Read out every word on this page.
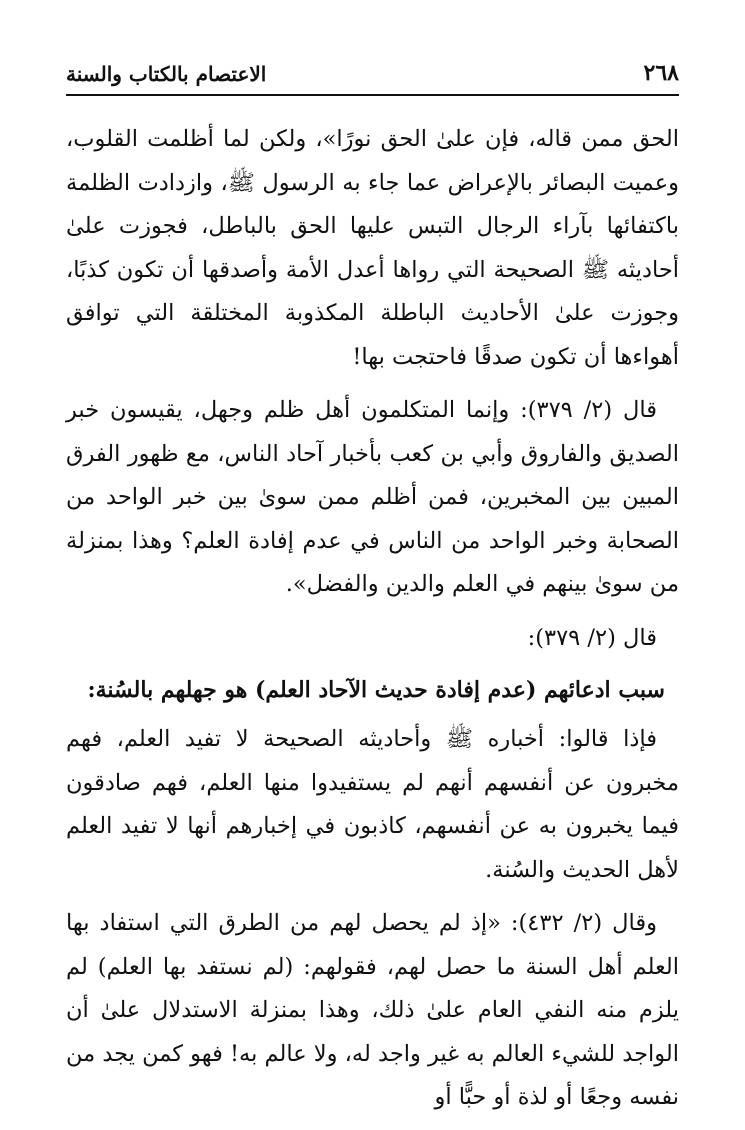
٢٦٨
الاعتصام بالكتاب والسنة

الحق ممن قاله، فإن علىٰ الحق نورًا»، ولكن لما أظلمت القلوب، وعميت البصائر بالإعراض عما جاء به الرسول ﷺ، وازدادت الظلمة باكتفائها بآراء الرجال التبس عليها الحق بالباطل، فجوزت علىٰ أحاديثه ﷺ الصحيحة التي رواها أعدل الأمة وأصدقها أن تكون كذبًا، وجوزت علىٰ الأحاديث الباطلة المكذوبة المختلقة التي توافق أهواءها أن تكون صدقًا فاحتجت بها!

قال (٢/ ٣٧٩): وإنما المتكلمون أهل ظلم وجهل، يقيسون خبر الصديق والفاروق وأبي بن كعب بأخبار آحاد الناس، مع ظهور الفرق المبين بين المخبرين، فمن أظلم ممن سوىٰ بين خبر الواحد من الصحابة وخبر الواحد من الناس في عدم إفادة العلم؟ وهذا بمنزلة من سوىٰ بينهم في العلم والدين والفضل».

قال (٢/ ٣٧٩):

سبب ادعائهم (عدم إفادة حديث الآحاد العلم) هو جهلهم بالسُنة:

فإذا قالوا: أخباره ﷺ وأحاديثه الصحيحة لا تفيد العلم، فهم مخبرون عن أنفسهم أنهم لم يستفيدوا منها العلم، فهم صادقون فيما يخبرون به عن أنفسهم، كاذبون في إخبارهم أنها لا تفيد العلم لأهل الحديث والسُنة.

وقال (٢/ ٤٣٢): «إذ لم يحصل لهم من الطرق التي استفاد بها العلم أهل السنة ما حصل لهم، فقولهم: (لم نستفد بها العلم) لم يلزم منه النفي العام علىٰ ذلك، وهذا بمنزلة الاستدلال علىٰ أن الواجد للشيء العالم به غير واجد له، ولا عالم به! فهو كمن يجد من نفسه وجعًا أو لذة أو حبًّا أو
